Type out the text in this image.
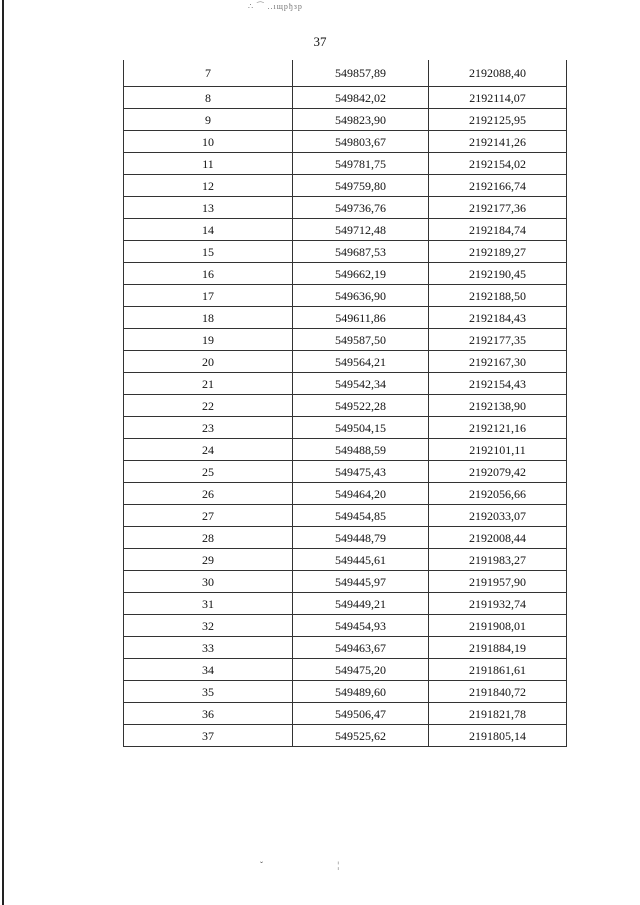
∴ ⁀ ..ıщрђзр
37
7	549857,89	2192088,40
8	549842,02	2192114,07
9	549823,90	2192125,95
10	549803,67	2192141,26
11	549781,75	2192154,02
12	549759,80	2192166,74
13	549736,76	2192177,36
14	549712,48	2192184,74
15	549687,53	2192189,27
16	549662,19	2192190,45
17	549636,90	2192188,50
18	549611,86	2192184,43
19	549587,50	2192177,35
20	549564,21	2192167,30
21	549542,34	2192154,43
22	549522,28	2192138,90
23	549504,15	2192121,16
24	549488,59	2192101,11
25	549475,43	2192079,42
26	549464,20	2192056,66
27	549454,85	2192033,07
28	549448,79	2192008,44
29	549445,61	2191983,27
30	549445,97	2191957,90
31	549449,21	2191932,74
32	549454,93	2191908,01
33	549463,67	2191884,19
34	549475,20	2191861,61
35	549489,60	2191840,72
36	549506,47	2191821,78
37	549525,62	2191805,14
ˇ	¦
